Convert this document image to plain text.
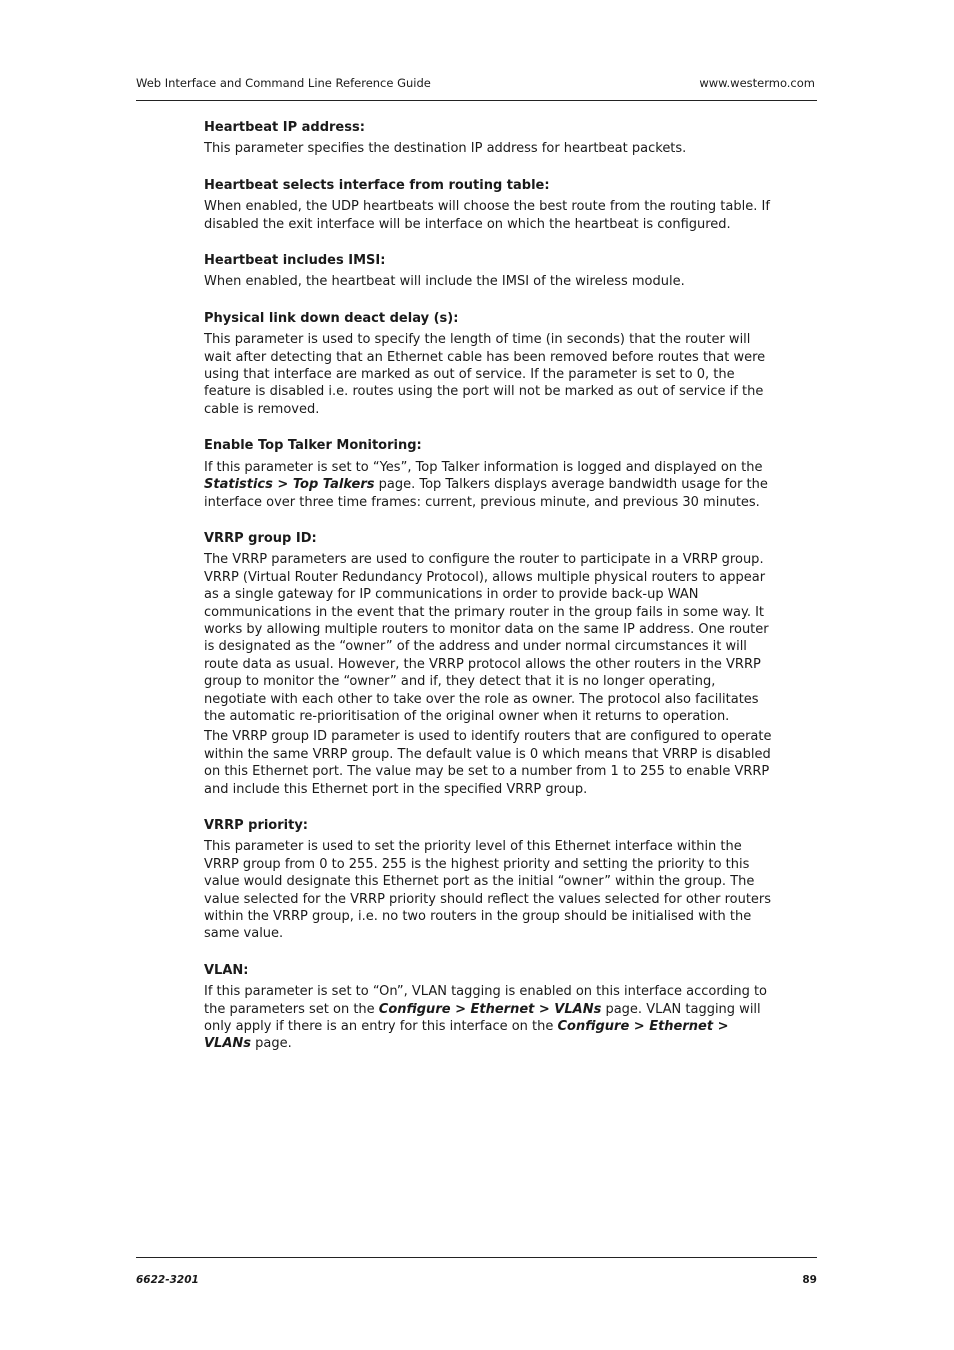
Web Interface and Command Line Reference Guide	www.westermo.com
Heartbeat IP address:

This parameter specifies the destination IP address for heartbeat packets.

Heartbeat selects interface from routing table:

When enabled, the UDP heartbeats will choose the best route from the routing table. If disabled the exit interface will be interface on which the heartbeat is configured.

Heartbeat includes IMSI:

When enabled, the heartbeat will include the IMSI of the wireless module.

Physical link down deact delay (s):

This parameter is used to specify the length of time (in seconds) that the router will wait after detecting that an Ethernet cable has been removed before routes that were using that interface are marked as out of service. If the parameter is set to 0, the feature is disabled i.e. routes using the port will not be marked as out of service if the cable is removed.

Enable Top Talker Monitoring:

If this parameter is set to “Yes”, Top Talker information is logged and displayed on the Statistics > Top Talkers page. Top Talkers displays average bandwidth usage for the interface over three time frames: current, previous minute, and previous 30 minutes.

VRRP group ID:

The VRRP parameters are used to configure the router to participate in a VRRP group. VRRP (Virtual Router Redundancy Protocol), allows multiple physical routers to appear as a single gateway for IP communications in order to provide back-up WAN communications in the event that the primary router in the group fails in some way. It works by allowing multiple routers to monitor data on the same IP address. One router is designated as the “owner” of the address and under normal circumstances it will route data as usual. However, the VRRP protocol allows the other routers in the VRRP group to monitor the “owner” and if, they detect that it is no longer operating, negotiate with each other to take over the role as owner. The protocol also facilitates the automatic re-prioritisation of the original owner when it returns to operation.

The VRRP group ID parameter is used to identify routers that are configured to operate within the same VRRP group. The default value is 0 which means that VRRP is disabled on this Ethernet port. The value may be set to a number from 1 to 255 to enable VRRP and include this Ethernet port in the specified VRRP group.

VRRP priority:

This parameter is used to set the priority level of this Ethernet interface within the VRRP group from 0 to 255. 255 is the highest priority and setting the priority to this value would designate this Ethernet port as the initial “owner” within the group. The value selected for the VRRP priority should reflect the values selected for other routers within the VRRP group, i.e. no two routers in the group should be initialised with the same value.

VLAN:

If this parameter is set to “On”, VLAN tagging is enabled on this interface according to the parameters set on the Configure > Ethernet > VLANs page. VLAN tagging will only apply if there is an entry for this interface on the Configure > Ethernet > VLANs page.

6622-3201	89
